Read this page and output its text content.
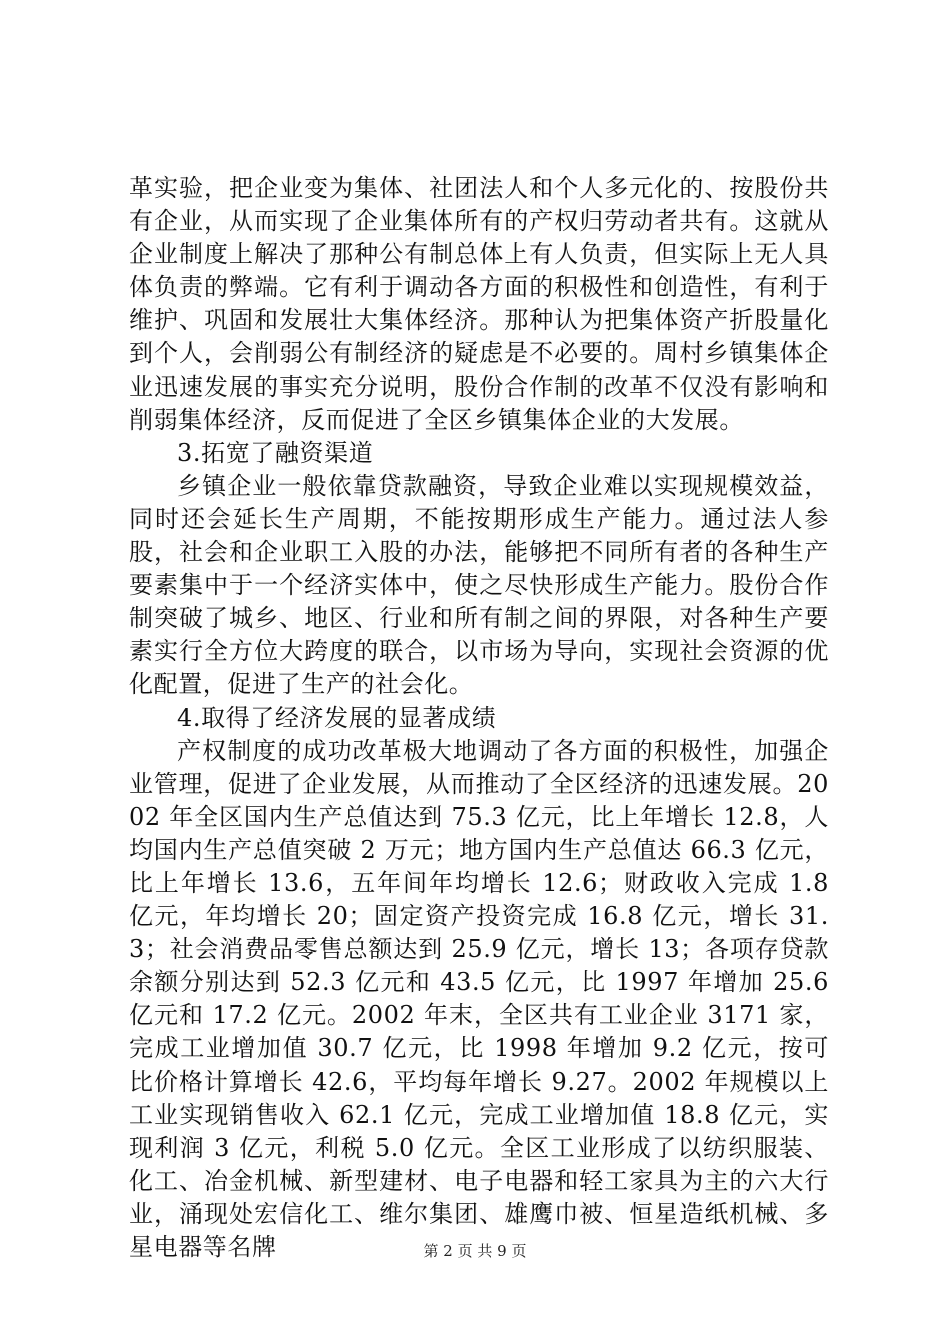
革实验，把企业变为集体、社团法人和个人多元化的、按股份共有企业，从而实现了企业集体所有的产权归劳动者共有。这就从企业制度上解决了那种公有制总体上有人负责，但实际上无人具体负责的弊端。它有利于调动各方面的积极性和创造性，有利于维护、巩固和发展壮大集体经济。那种认为把集体资产折股量化到个人，会削弱公有制经济的疑虑是不必要的。周村乡镇集体企业迅速发展的事实充分说明，股份合作制的改革不仅没有影响和削弱集体经济，反而促进了全区乡镇集体企业的大发展。

3.拓宽了融资渠道

乡镇企业一般依靠贷款融资，导致企业难以实现规模效益，同时还会延长生产周期，不能按期形成生产能力。通过法人参股，社会和企业职工入股的办法，能够把不同所有者的各种生产要素集中于一个经济实体中，使之尽快形成生产能力。股份合作制突破了城乡、地区、行业和所有制之间的界限，对各种生产要素实行全方位大跨度的联合，以市场为导向，实现社会资源的优化配置，促进了生产的社会化。

4.取得了经济发展的显著成绩

产权制度的成功改革极大地调动了各方面的积极性，加强企业管理，促进了企业发展，从而推动了全区经济的迅速发展。2002 年全区国内生产总值达到 75.3 亿元，比上年增长 12.8，人均国内生产总值突破 2 万元；地方国内生产总值达 66.3 亿元，比上年增长 13.6，五年间年均增长 12.6；财政收入完成 1.8 亿元，年均增长 20；固定资产投资完成 16.8 亿元，增长 31.3；社会消费品零售总额达到 25.9 亿元，增长 13；各项存贷款余额分别达到 52.3 亿元和 43.5 亿元，比 1997 年增加 25.6 亿元和 17.2 亿元。2002 年末，全区共有工业企业 3171 家，完成工业增加值 30.7 亿元，比 1998 年增加 9.2 亿元，按可比价格计算增长 42.6，平均每年增长 9.27。2002 年规模以上工业实现销售收入 62.1 亿元，完成工业增加值 18.8 亿元，实现利润 3 亿元，利税 5.0 亿元。全区工业形成了以纺织服装、化工、冶金机械、新型建材、电子电器和轻工家具为主的六大行业，涌现处宏信化工、维尔集团、雄鹰巾被、恒星造纸机械、多星电器等名牌	第 2 页 共 9 页
